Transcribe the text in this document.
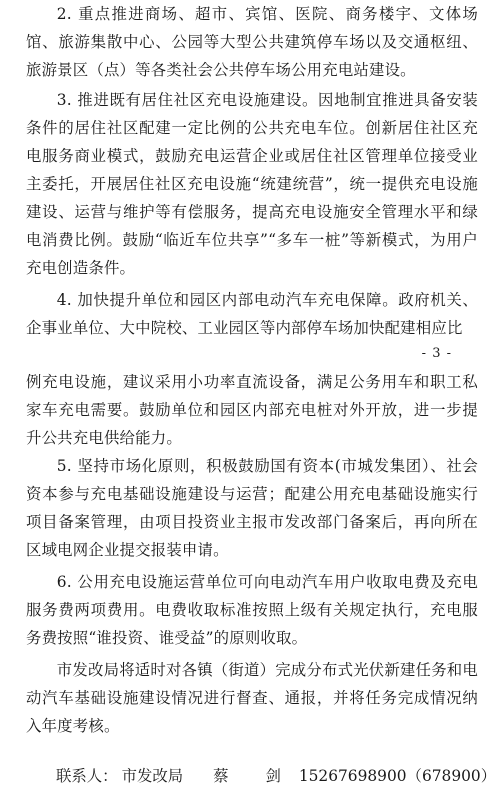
2. 重点推进商场、超市、宾馆、医院、商务楼宇、文体场馆、旅游集散中心、公园等大型公共建筑停车场以及交通枢纽、旅游景区（点）等各类社会公共停车场公用充电站建设。

3. 推进既有居住社区充电设施建设。因地制宜推进具备安装条件的居住社区配建一定比例的公共充电车位。创新居住社区充电服务商业模式，鼓励充电运营企业或居住社区管理单位接受业主委托，开展居住社区充电设施“统建统营”，统一提供充电设施建设、运营与维护等有偿服务，提高充电设施安全管理水平和绿电消费比例。鼓励“临近车位共享”“多车一桩”等新模式，为用户充电创造条件。

4. 加快提升单位和园区内部电动汽车充电保障。政府机关、企事业单位、大中院校、工业园区等内部停车场加快配建相应比

- 3 -

例充电设施，建议采用小功率直流设备，满足公务用车和职工私家车充电需要。鼓励单位和园区内部充电桩对外开放，进一步提升公共充电供给能力。

5. 坚持市场化原则，积极鼓励国有资本(市城发集团）、社会资本参与充电基础设施建设与运营；配建公用充电基础设施实行项目备案管理，由项目投资业主报市发改部门备案后，再向所在区域电网企业提交报装申请。

6. 公用充电设施运营单位可向电动汽车用户收取电费及充电服务费两项费用。电费收取标准按照上级有关规定执行，充电服务费按照“谁投资、谁受益”的原则收取。

市发改局将适时对各镇（街道）完成分布式光伏新建任务和电动汽车基础设施建设情况进行督查、通报，并将任务完成情况纳入年度考核。

联系人： 市发改局 蔡 剑 15267698900（678900）
